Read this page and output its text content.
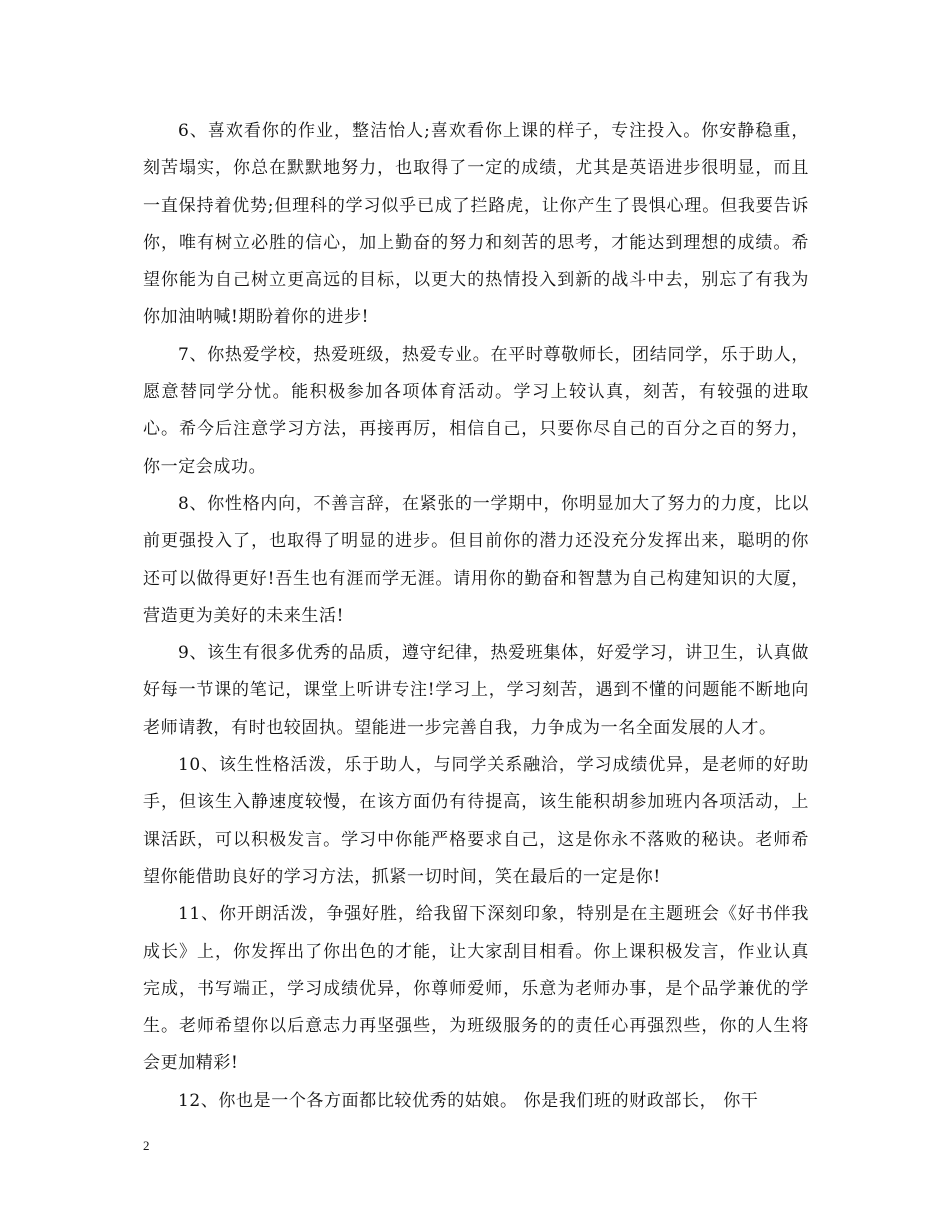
6、喜欢看你的作业，整洁怡人;喜欢看你上课的样子，专注投入。你安静稳重，刻苦塌实，你总在默默地努力，也取得了一定的成绩，尤其是英语进步很明显，而且一直保持着优势;但理科的学习似乎已成了拦路虎，让你产生了畏惧心理。但我要告诉你，唯有树立必胜的信心，加上勤奋的努力和刻苦的思考，才能达到理想的成绩。希望你能为自己树立更高远的目标，以更大的热情投入到新的战斗中去，别忘了有我为你加油呐喊!期盼着你的进步!

7、你热爱学校，热爱班级，热爱专业。在平时尊敬师长，团结同学，乐于助人，愿意替同学分忧。能积极参加各项体育活动。学习上较认真，刻苦，有较强的进取心。希今后注意学习方法，再接再厉，相信自己，只要你尽自己的百分之百的努力，你一定会成功。

8、你性格内向，不善言辞，在紧张的一学期中，你明显加大了努力的力度，比以前更强投入了，也取得了明显的进步。但目前你的潜力还没充分发挥出来，聪明的你还可以做得更好!吾生也有涯而学无涯。请用你的勤奋和智慧为自己构建知识的大厦，营造更为美好的未来生活!

9、该生有很多优秀的品质，遵守纪律，热爱班集体，好爱学习，讲卫生，认真做好每一节课的笔记，课堂上听讲专注!学习上，学习刻苦，遇到不懂的问题能不断地向老师请教，有时也较固执。望能进一步完善自我，力争成为一名全面发展的人才。

10、该生性格活泼，乐于助人，与同学关系融洽，学习成绩优异，是老师的好助手，但该生入静速度较慢，在该方面仍有待提高，该生能积胡参加班内各项活动，上课活跃，可以积极发言。学习中你能严格要求自己，这是你永不落败的秘诀。老师希望你能借助良好的学习方法，抓紧一切时间，笑在最后的一定是你!

11、你开朗活泼，争强好胜，给我留下深刻印象，特别是在主题班会《好书伴我成长》上，你发挥出了你出色的才能，让大家刮目相看。你上课积极发言，作业认真完成，书写端正，学习成绩优异，你尊师爱师，乐意为老师办事，是个品学兼优的学生。老师希望你以后意志力再坚强些，为班级服务的的责任心再强烈些，你的人生将会更加精彩!

12、你也是一个各方面都比较优秀的姑娘。 你是我们班的财政部长， 你干

2
